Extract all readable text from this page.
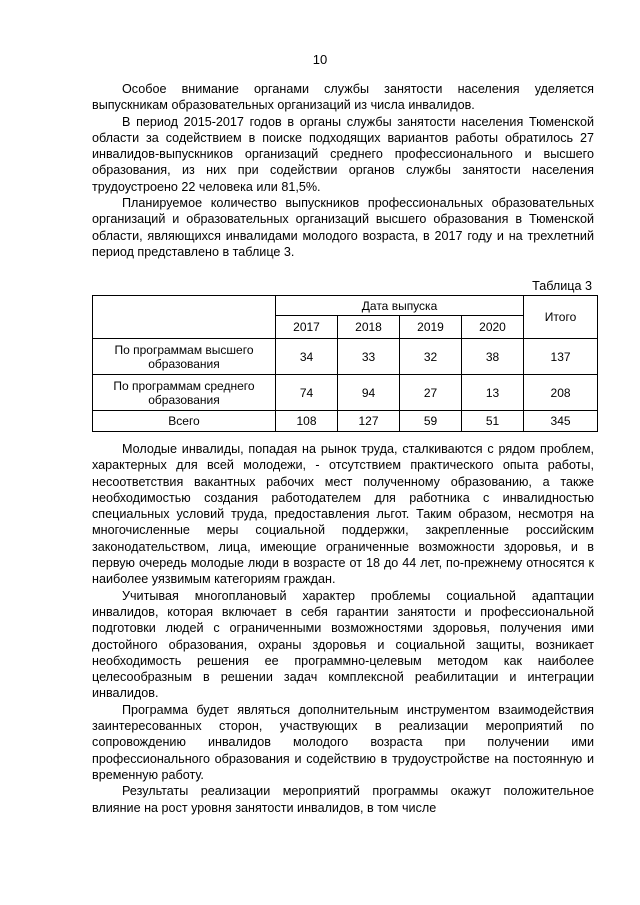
10

Особое внимание органами службы занятости населения уделяется выпускникам образовательных организаций из числа инвалидов.

В период 2015-2017 годов в органы службы занятости населения Тюменской области за содействием в поиске подходящих вариантов работы обратилось 27 инвалидов-выпускников организаций среднего профессионального и высшего образования, из них при содействии органов службы занятости населения трудоустроено 22 человека или 81,5%.

Планируемое количество выпускников профессиональных образовательных организаций и образовательных организаций высшего образования в Тюменской области, являющихся инвалидами молодого возраста, в 2017 году и на трехлетний период представлено в таблице 3.

Таблица 3
	Дата выпуска				Итого
	2017	2018	2019	2020	
По программам высшего образования	34	33	32	38	137
По программам среднего образования	74	94	27	13	208
Всего	108	127	59	51	345

Молодые инвалиды, попадая на рынок труда, сталкиваются с рядом проблем, характерных для всей молодежи, - отсутствием практического опыта работы, несоответствия вакантных рабочих мест полученному образованию, а также необходимостью создания работодателем для работника с инвалидностью специальных условий труда, предоставления льгот. Таким образом, несмотря на многочисленные меры социальной поддержки, закрепленные российским законодательством, лица, имеющие ограниченные возможности здоровья, и в первую очередь молодые люди в возрасте от 18 до 44 лет, по-прежнему относятся к наиболее уязвимым категориям граждан.

Учитывая многоплановый характер проблемы социальной адаптации инвалидов, которая включает в себя гарантии занятости и профессиональной подготовки людей с ограниченными возможностями здоровья, получения ими достойного образования, охраны здоровья и социальной защиты, возникает необходимость решения ее программно-целевым методом как наиболее целесообразным в решении задач комплексной реабилитации и интеграции инвалидов.

Программа будет являться дополнительным инструментом взаимодействия заинтересованных сторон, участвующих в реализации мероприятий по сопровождению инвалидов молодого возраста при получении ими профессионального образования и содействию в трудоустройстве на постоянную и временную работу.

Результаты реализации мероприятий программы окажут положительное влияние на рост уровня занятости инвалидов, в том числе
